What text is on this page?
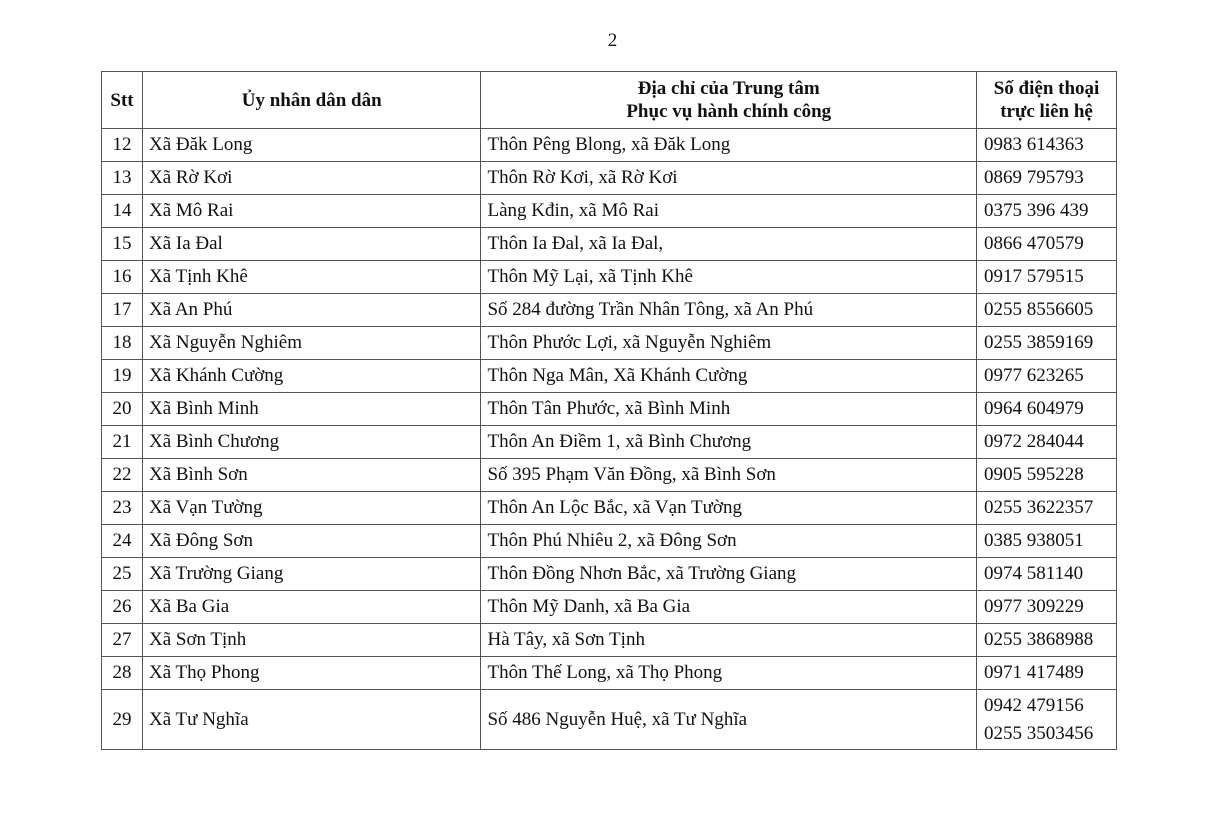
2
Stt	Ủy nhân dân dân	
Địa chỉ của Trung tâm
Phục vụ hành chính công

Số điện thoại
trực liên hệ

12	Xã Đăk Long	Thôn Pêng Blong, xã Đăk Long	0983 614363

13	Xã Rờ Kơi	Thôn Rờ Kơi, xã Rờ Kơi	0869 795793

14	Xã Mô Rai	Làng Kđin, xã Mô Rai	0375 396 439

15	Xã Ia Đal	Thôn Ia Đal, xã Ia Đal,	0866 470579

16	Xã Tịnh Khê	Thôn Mỹ Lại, xã Tịnh Khê	0917 579515

17	Xã An Phú	Số 284 đường Trần Nhân Tông, xã An Phú	0255 8556605

18	Xã Nguyễn Nghiêm	Thôn Phước Lợi, xã Nguyễn Nghiêm	0255 3859169

19	Xã Khánh Cường	Thôn Nga Mân, Xã Khánh Cường	0977 623265

20	Xã Bình Minh	Thôn Tân Phước, xã Bình Minh	0964 604979

21	Xã Bình Chương	Thôn An Điềm 1, xã Bình Chương	0972 284044

22	Xã Bình Sơn	Số 395 Phạm Văn Đồng, xã Bình Sơn	0905 595228

23	Xã Vạn Tường	Thôn An Lộc Bắc, xã Vạn Tường	0255 3622357

24	Xã Đông Sơn	Thôn Phú Nhiêu 2, xã Đông Sơn	0385 938051

25	Xã Trường Giang	Thôn Đồng Nhơn Bắc, xã Trường Giang	0974 581140

26	Xã Ba Gia	Thôn Mỹ Danh, xã Ba Gia	0977 309229

27	Xã Sơn Tịnh	Hà Tây, xã Sơn Tịnh	0255 3868988

28	Xã Thọ Phong	Thôn Thế Long, xã Thọ Phong	0971 417489

29	Xã Tư Nghĩa	Số 486 Nguyễn Huệ, xã Tư Nghĩa	
0942 479156
0255 3503456
